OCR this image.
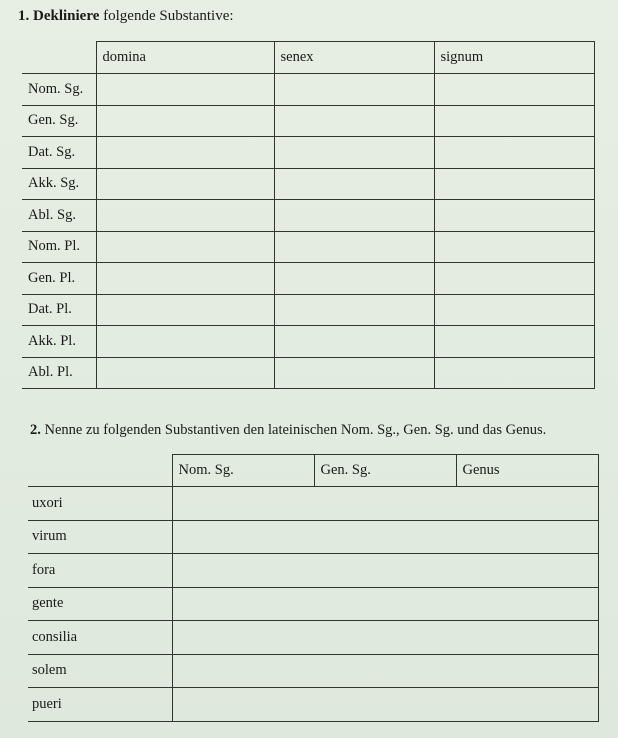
1. Dekliniere folgende Substantive:
	domina	senex	signum
Nom. Sg.			
Gen. Sg.			
Dat. Sg.			
Akk. Sg.			
Abl. Sg.			
Nom. Pl.			
Gen. Pl.			
Dat. Pl.			
Akk. Pl.			
Abl. Pl.			
2. Nenne zu folgenden Substantiven den lateinischen Nom. Sg., Gen. Sg. und das Genus.
	Nom. Sg.	Gen. Sg.	Genus
uxori			
virum			
fora			
gente			
consilia			
solem			
pueri			
